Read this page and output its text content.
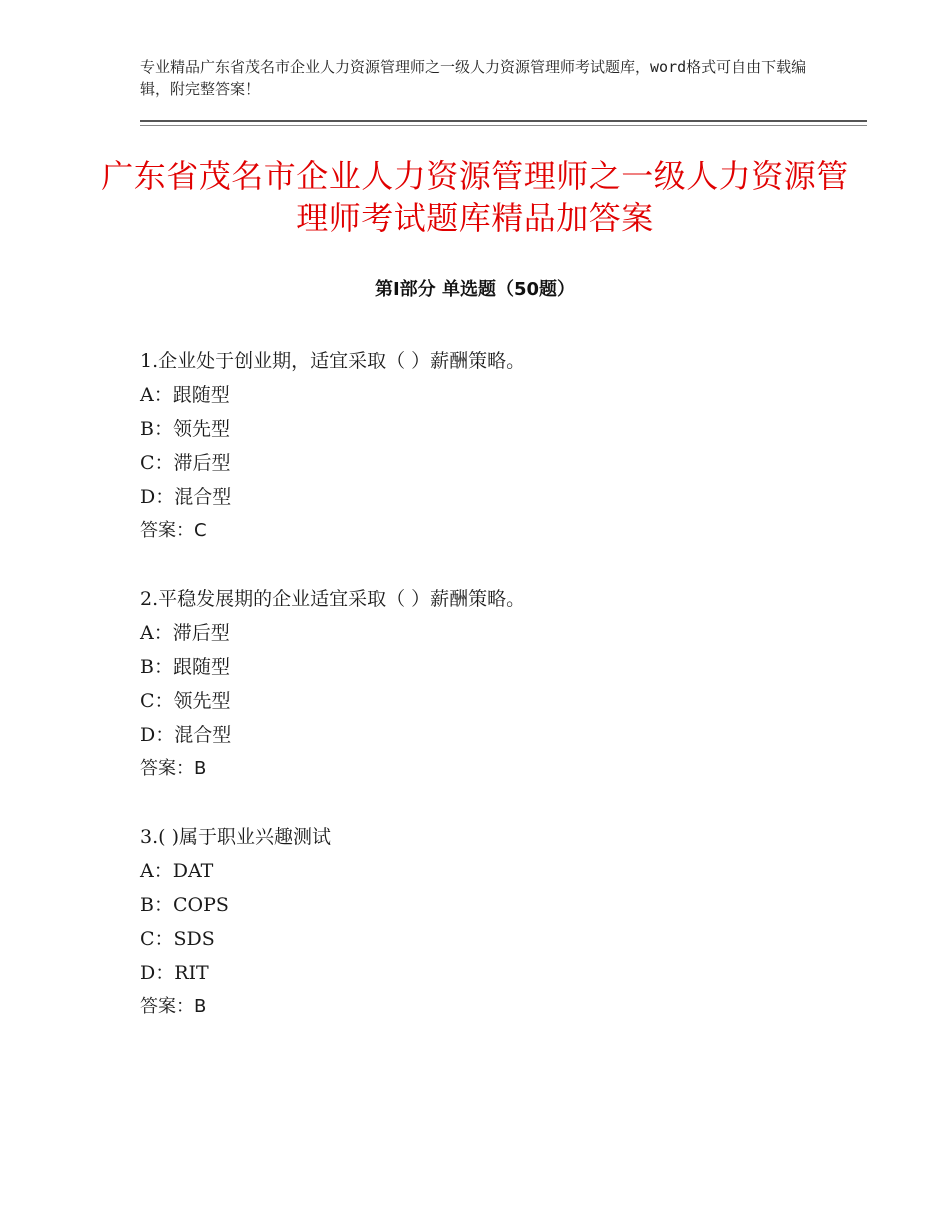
专业精品广东省茂名市企业人力资源管理师之一级人力资源管理师考试题库，word格式可自由下载编辑，附完整答案！
广东省茂名市企业人力资源管理师之一级人力资源管理师考试题库精品加答案
第Ⅰ部分 单选题（50题）
1.企业处于创业期，适宜采取（ ）薪酬策略。
A：跟随型
B：领先型
C：滞后型
D：混合型
答案：C
2.平稳发展期的企业适宜采取（ ）薪酬策略。
A：滞后型
B：跟随型
C：领先型
D：混合型
答案：B
3.( )属于职业兴趣测试
A：DAT
B：COPS
C：SDS
D：RIT
答案：B
